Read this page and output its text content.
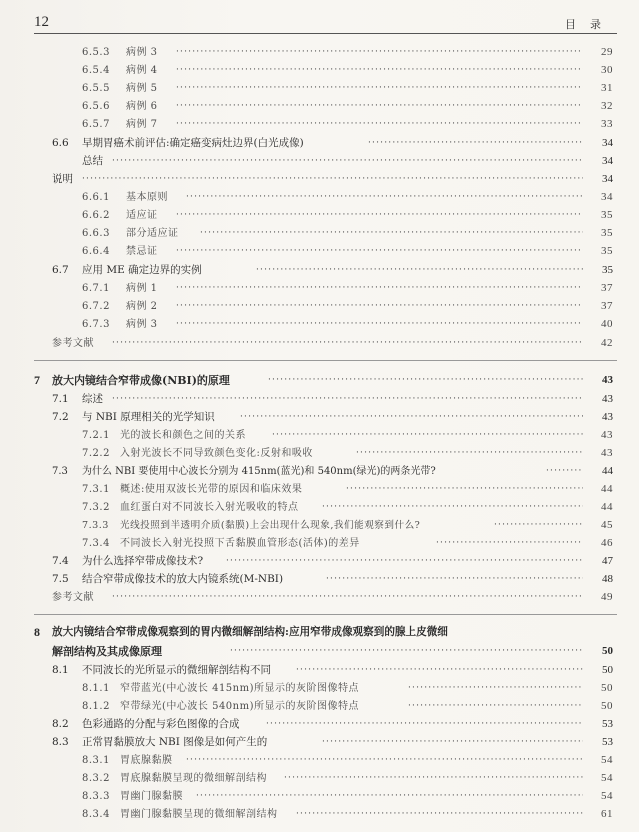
12	目录
6.5.3 病例 3 ·····	29
6.5.4 病例 4 ·····	30
6.5.5 病例 5 ·····	31
6.5.6 病例 6 ·····	32
6.5.7 病例 7 ·····	33
6.6 早期胃癌术前评估:确定癌变病灶边界(白光成像) ·····	34
总结 ·····	34
说明 ·····	34
6.6.1 基本原则 ·····	34
6.6.2 适应证 ·····	35
6.6.3 部分适应证 ·····	35
6.6.4 禁忌证 ·····	35
6.7 应用 ME 确定边界的实例 ·····	35
6.7.1 病例 1 ·····	37
6.7.2 病例 2 ·····	37
6.7.3 病例 3 ·····	40
参考文献 ·····	42
7 放大内镜结合窄带成像(NBI)的原理 ·····	43
7.1 综述 ·····	43
7.2 与 NBI 原理相关的光学知识 ·····	43
7.2.1 光的波长和颜色之间的关系 ·····	43
7.2.2 入射光波长不同导致颜色变化:反射和吸收 ·····	43
7.3 为什么 NBI 要使用中心波长分别为 415nm(蓝光)和 540nm(绿光)的两条光带? ·····	44
7.3.1 概述:使用双波长光带的原因和临床效果 ·····	44
7.3.2 血红蛋白对不同波长入射光吸收的特点 ·····	44
7.3.3 光线投照到半透明介质(黏膜)上会出现什么现象,我们能观察到什么? ·····	45
7.3.4 不同波长入射光投照下舌黏膜血管形态(活体)的差异 ·····	46
7.4 为什么选择窄带成像技术? ·····	47
7.5 结合窄带成像技术的放大内镜系统(M-NBI) ·····	48
参考文献 ·····	49
8 放大内镜结合窄带成像观察到的胃内微细解剖结构:应用窄带成像观察到的腺上皮微细
解剖结构及其成像原理 ·····	50
8.1 不同波长的光所显示的微细解剖结构不同 ·····	50
8.1.1 窄带蓝光(中心波长 415nm)所显示的灰阶图像特点 ·····	50
8.1.2 窄带绿光(中心波长 540nm)所显示的灰阶图像特点 ·····	50
8.2 色彩通路的分配与彩色图像的合成 ·····	53
8.3 正常胃黏膜放大 NBI 图像是如何产生的 ·····	53
8.3.1 胃底腺黏膜 ·····	54
8.3.2 胃底腺黏膜呈现的微细解剖结构 ·····	54
8.3.3 胃幽门腺黏膜 ·····	54
8.3.4 胃幽门腺黏膜呈现的微细解剖结构 ·····	61
